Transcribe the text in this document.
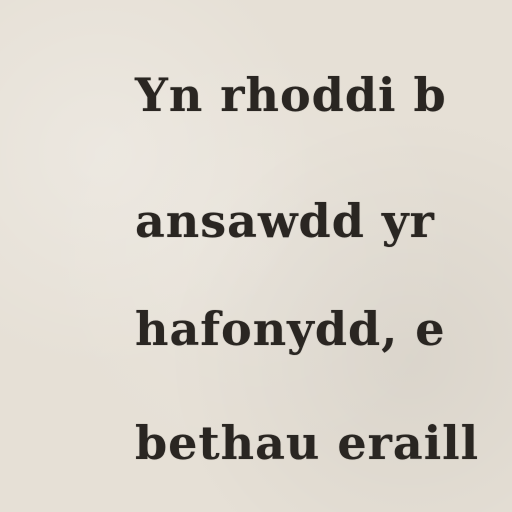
Yn rhoddi b
ansawdd yr
hafonydd, e
bethau eraill
